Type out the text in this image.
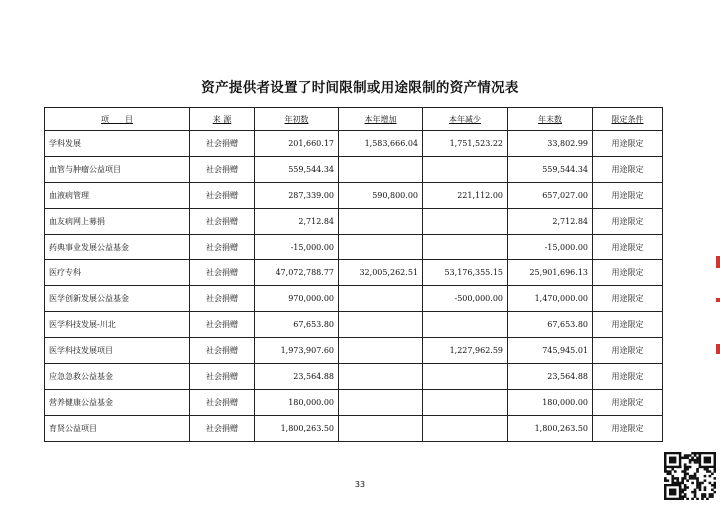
资产提供者设置了时间限制或用途限制的资产情况表
项　　目	来 源	年初数	本年增加	本年减少	年末数	限定条件
学科发展	社会捐赠	201,660.17	1,583,666.04	1,751,523.22	33,802.99	用途限定
血管与肿瘤公益项目	社会捐赠	559,544.34			559,544.34	用途限定
血液病管理	社会捐赠	287,339.00	590,800.00	221,112.00	657,027.00	用途限定
血友病网上募捐	社会捐赠	2,712.84			2,712.84	用途限定
药典事业发展公益基金	社会捐赠	-15,000.00			-15,000.00	用途限定
医疗专科	社会捐赠	47,072,788.77	32,005,262.51	53,176,355.15	25,901,696.13	用途限定
医学创新发展公益基金	社会捐赠	970,000.00		-500,000.00	1,470,000.00	用途限定
医学科技发展-川北	社会捐赠	67,653.80			67,653.80	用途限定
医学科技发展项目	社会捐赠	1,973,907.60		1,227,962.59	745,945.01	用途限定
应急急救公益基金	社会捐赠	23,564.88			23,564.88	用途限定
营养健康公益基金	社会捐赠	180,000.00			180,000.00	用途限定
育贤公益项目	社会捐赠	1,800,263.50			1,800,263.50	用途限定
33
